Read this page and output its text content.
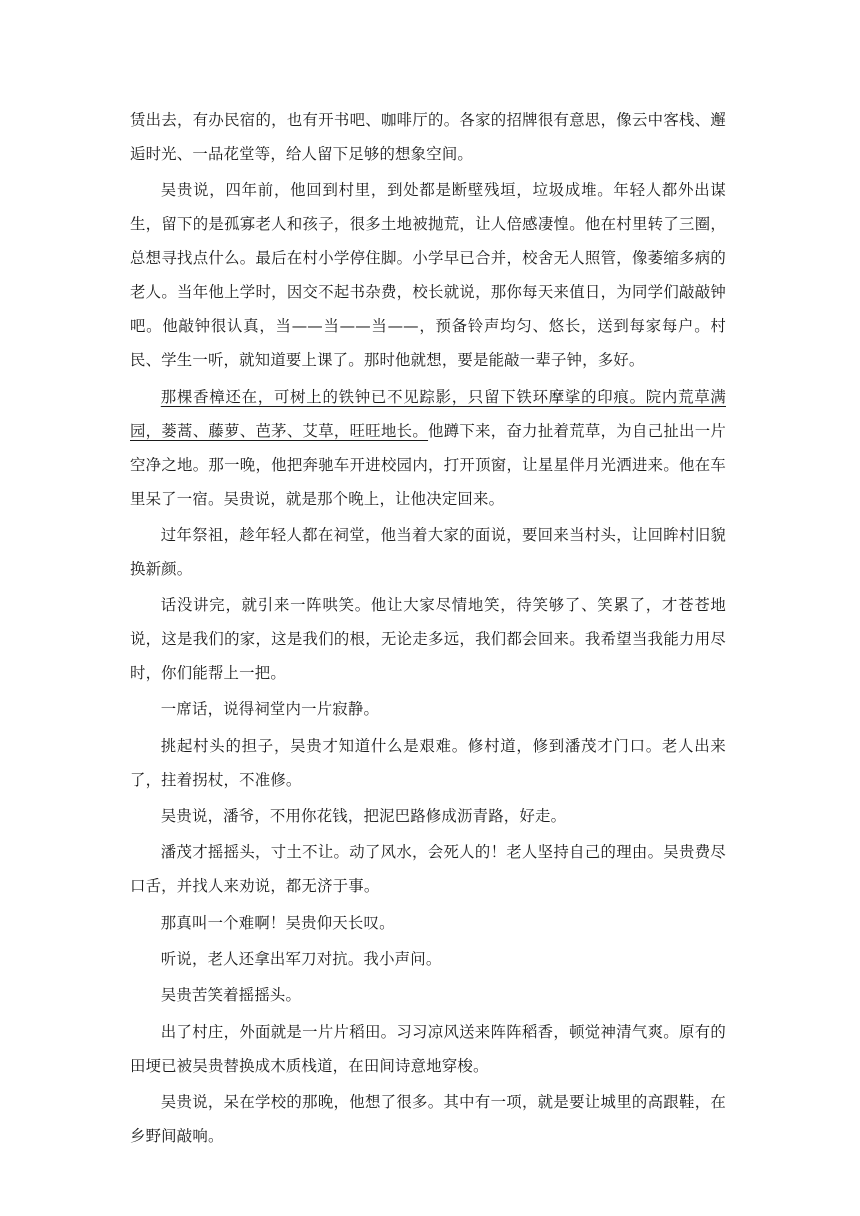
赁出去，有办民宿的，也有开书吧、咖啡厅的。各家的招牌很有意思，像云中客栈、邂逅时光、一品花堂等，给人留下足够的想象空间。

吴贵说，四年前，他回到村里，到处都是断壁残垣，垃圾成堆。年轻人都外出谋生，留下的是孤寡老人和孩子，很多土地被抛荒，让人倍感凄惶。他在村里转了三圈，总想寻找点什么。最后在村小学停住脚。小学早已合并，校舍无人照管，像萎缩多病的老人。当年他上学时，因交不起书杂费，校长就说，那你每天来值日，为同学们敲敲钟吧。他敲钟很认真，当——当——当——，预备铃声均匀、悠长，送到每家每户。村民、学生一听，就知道要上课了。那时他就想，要是能敲一辈子钟，多好。

那棵香樟还在，可树上的铁钟已不见踪影，只留下铁环摩挲的印痕。院内荒草满园，蒌蒿、藤萝、芭茅、艾草，旺旺地长。他蹲下来，奋力扯着荒草，为自己扯出一片空净之地。那一晚，他把奔驰车开进校园内，打开顶窗，让星星伴月光洒进来。他在车里呆了一宿。吴贵说，就是那个晚上，让他决定回来。

过年祭祖，趁年轻人都在祠堂，他当着大家的面说，要回来当村头，让回眸村旧貌换新颜。

话没讲完，就引来一阵哄笑。他让大家尽情地笑，待笑够了、笑累了，才苍苍地说，这是我们的家，这是我们的根，无论走多远，我们都会回来。我希望当我能力用尽时，你们能帮上一把。

一席话，说得祠堂内一片寂静。

挑起村头的担子，吴贵才知道什么是艰难。修村道，修到潘茂才门口。老人出来了，拄着拐杖，不准修。

吴贵说，潘爷，不用你花钱，把泥巴路修成沥青路，好走。

潘茂才摇摇头，寸土不让。动了风水，会死人的！老人坚持自己的理由。吴贵费尽口舌，并找人来劝说，都无济于事。

那真叫一个难啊！吴贵仰天长叹。

听说，老人还拿出军刀对抗。我小声问。

吴贵苦笑着摇摇头。

出了村庄，外面就是一片片稻田。习习凉风送来阵阵稻香，顿觉神清气爽。原有的田埂已被吴贵替换成木质栈道，在田间诗意地穿梭。

吴贵说，呆在学校的那晚，他想了很多。其中有一项，就是要让城里的高跟鞋，在乡野间敲响。
